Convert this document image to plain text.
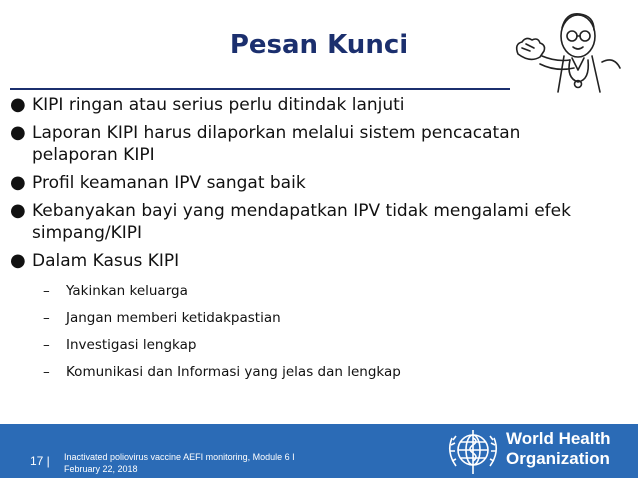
Pesan Kunci
● KIPI ringan atau serius perlu ditindak lanjuti
● Laporan KIPI harus dilaporkan melalui sistem pencacatan pelaporan KIPI
● Profil keamanan IPV sangat baik
● Kebanyakan bayi yang mendapatkan IPV tidak mengalami efek simpang/KIPI
● Dalam Kasus KIPI
–	Yakinkan keluarga
–	Jangan memberi ketidakpastian
–	Investigasi lengkap
–	Komunikasi dan Informasi yang jelas dan lengkap
17 | Inactivated poliovirus vaccine AEFI monitoring, Module 6 I
February 22, 2018
World Health
Organization
